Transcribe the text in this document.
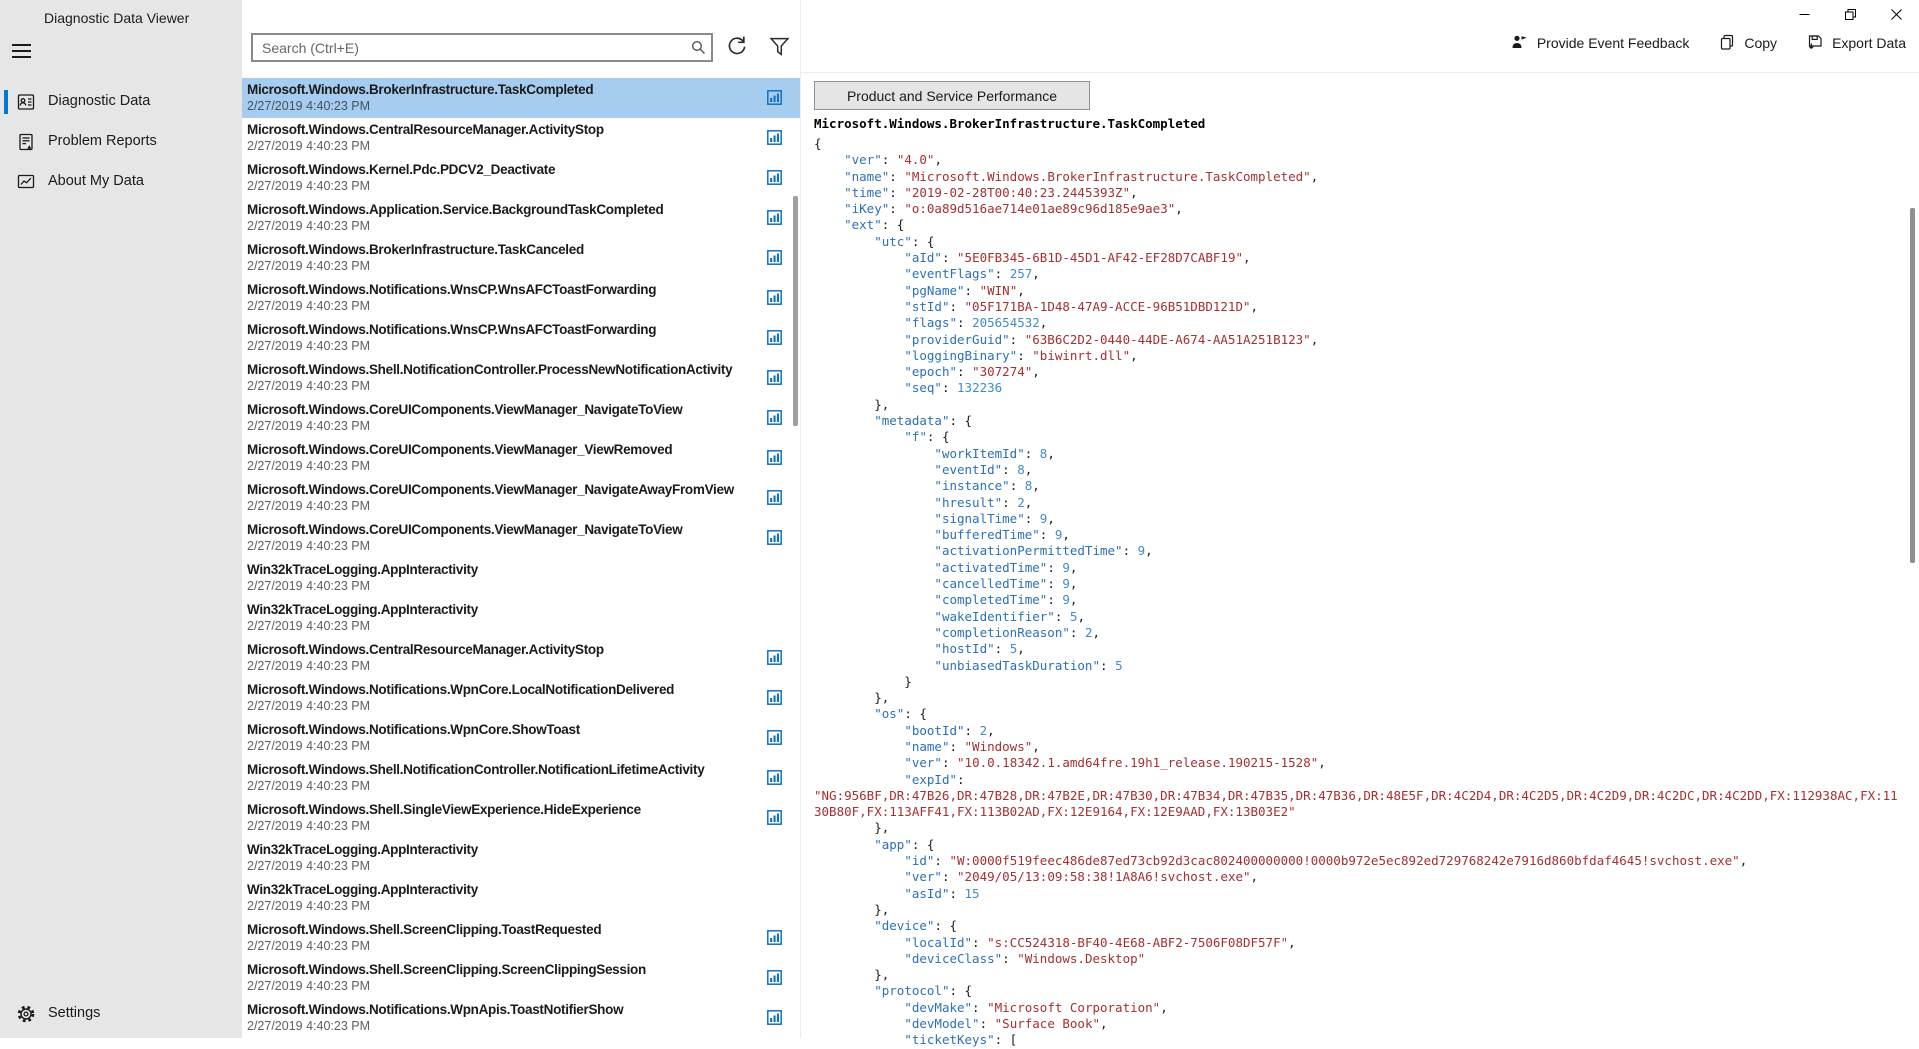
Diagnostic Data Viewer
Diagnostic Data
Problem Reports
About My Data
Settings
Search (Ctrl+E)
Microsoft.Windows.BrokerInfrastructure.TaskCompleted
2/27/2019 4:40:23 PM
Microsoft.Windows.CentralResourceManager.ActivityStop
2/27/2019 4:40:23 PM
Microsoft.Windows.Kernel.Pdc.PDCV2_Deactivate
2/27/2019 4:40:23 PM
Microsoft.Windows.Application.Service.BackgroundTaskCompleted
2/27/2019 4:40:23 PM
Microsoft.Windows.BrokerInfrastructure.TaskCanceled
2/27/2019 4:40:23 PM
Microsoft.Windows.Notifications.WnsCP.WnsAFCToastForwarding
2/27/2019 4:40:23 PM
Microsoft.Windows.Notifications.WnsCP.WnsAFCToastForwarding
2/27/2019 4:40:23 PM
Microsoft.Windows.Shell.NotificationController.ProcessNewNotificationActivity
2/27/2019 4:40:23 PM
Microsoft.Windows.CoreUIComponents.ViewManager_NavigateToView
2/27/2019 4:40:23 PM
Microsoft.Windows.CoreUIComponents.ViewManager_ViewRemoved
2/27/2019 4:40:23 PM
Microsoft.Windows.CoreUIComponents.ViewManager_NavigateAwayFromView
2/27/2019 4:40:23 PM
Microsoft.Windows.CoreUIComponents.ViewManager_NavigateToView
2/27/2019 4:40:23 PM
Win32kTraceLogging.AppInteractivity
2/27/2019 4:40:23 PM
Win32kTraceLogging.AppInteractivity
2/27/2019 4:40:23 PM
Microsoft.Windows.CentralResourceManager.ActivityStop
2/27/2019 4:40:23 PM
Microsoft.Windows.Notifications.WpnCore.LocalNotificationDelivered
2/27/2019 4:40:23 PM
Microsoft.Windows.Notifications.WpnCore.ShowToast
2/27/2019 4:40:23 PM
Microsoft.Windows.Shell.NotificationController.NotificationLifetimeActivity
2/27/2019 4:40:23 PM
Microsoft.Windows.Shell.SingleViewExperience.HideExperience
2/27/2019 4:40:23 PM
Win32kTraceLogging.AppInteractivity
2/27/2019 4:40:23 PM
Win32kTraceLogging.AppInteractivity
2/27/2019 4:40:23 PM
Microsoft.Windows.Shell.ScreenClipping.ToastRequested
2/27/2019 4:40:23 PM
Microsoft.Windows.Shell.ScreenClipping.ScreenClippingSession
2/27/2019 4:40:23 PM
Microsoft.Windows.Notifications.WpnApis.ToastNotifierShow
2/27/2019 4:40:23 PM
Provide Event Feedback	Copy	Export Data
Product and Service Performance
Microsoft.Windows.BrokerInfrastructure.TaskCompleted
{
"ver": "4.0",
"name": "Microsoft.Windows.BrokerInfrastructure.TaskCompleted",
"time": "2019-02-28T00:40:23.2445393Z",
"iKey": "o:0a89d516ae714e01ae89c96d185e9ae3",
"ext": {
"utc": {
"aId": "5E0FB345-6B1D-45D1-AF42-EF28D7CABF19",
"eventFlags": 257,
"pgName": "WIN",
"stId": "05F171BA-1D48-47A9-ACCE-96B51DBD121D",
"flags": 205654532,
"providerGuid": "63B6C2D2-0440-44DE-A674-AA51A251B123",
"loggingBinary": "biwinrt.dll",
"epoch": "307274",
"seq": 132236
},
"metadata": {
"f": {
"workItemId": 8,
"eventId": 8,
"instance": 8,
"hresult": 2,
"signalTime": 9,
"bufferedTime": 9,
"activationPermittedTime": 9,
"activatedTime": 9,
"cancelledTime": 9,
"completedTime": 9,
"wakeIdentifier": 5,
"completionReason": 2,
"hostId": 5,
"unbiasedTaskDuration": 5
}
},
"os": {
"bootId": 2,
"name": "Windows",
"ver": "10.0.18342.1.amd64fre.19h1_release.190215-1528",
"expId":
"NG:956BF,DR:47B26,DR:47B28,DR:47B2E,DR:47B30,DR:47B34,DR:47B35,DR:47B36,DR:48E5F,DR:4C2D4,DR:4C2D5,DR:4C2D9,DR:4C2DC,DR:4C2DD,FX:112938AC,FX:11
30B80F,FX:113AFF41,FX:113B02AD,FX:12E9164,FX:12E9AAD,FX:13B03E2"
},
"app": {
"id": "W:0000f519feec486de87ed73cb92d3cac802400000000!0000b972e5ec892ed729768242e7916d860bfdaf4645!svchost.exe",
"ver": "2049/05/13:09:58:38!1A8A6!svchost.exe",
"asId": 15
},
"device": {
"localId": "s:CC524318-BF40-4E68-ABF2-7506F08DF57F",
"deviceClass": "Windows.Desktop"
},
"protocol": {
"devMake": "Microsoft Corporation",
"devModel": "Surface Book",
"ticketKeys": [
